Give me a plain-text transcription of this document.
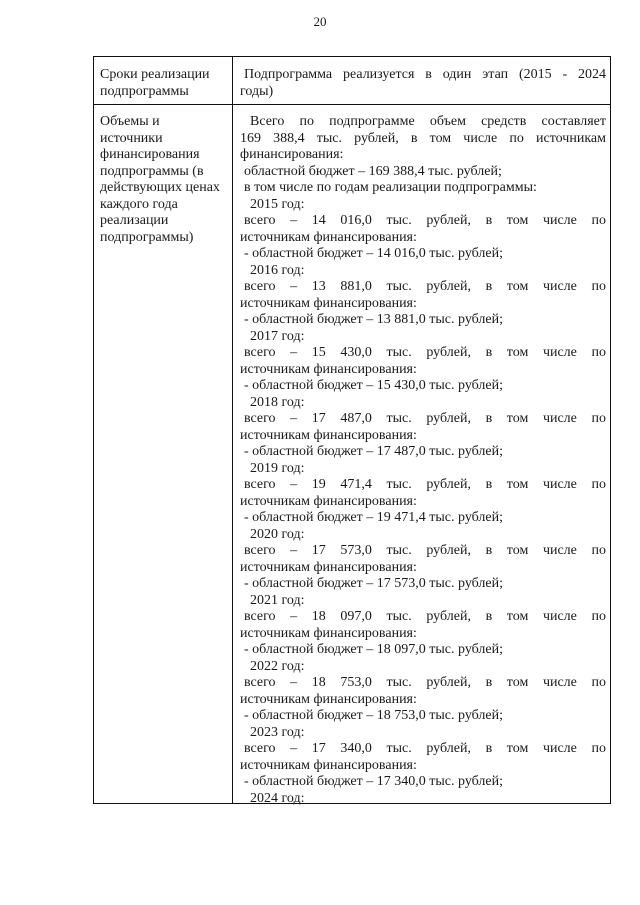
20
Сроки реализации
подпрограммы
Подпрограмма реализуется в один этап (2015 - 2024
годы)
Объемы и
источники
финансирования
подпрограммы (в
действующих ценах
каждого года
реализации
подпрограммы)
Всего по подпрограмме объем средств составляет
169 388,4 тыс. рублей, в том числе по источникам
финансирования:
областной бюджет – 169 388,4 тыс. рублей;
в том числе по годам реализации подпрограммы:
2015 год:
всего – 14 016,0 тыс. рублей, в том числе по
источникам финансирования:
- областной бюджет – 14 016,0 тыс. рублей;
2016 год:
всего – 13 881,0 тыс. рублей, в том числе по
источникам финансирования:
- областной бюджет – 13 881,0 тыс. рублей;
2017 год:
всего – 15 430,0 тыс. рублей, в том числе по
источникам финансирования:
- областной бюджет – 15 430,0 тыс. рублей;
2018 год:
всего – 17 487,0 тыс. рублей, в том числе по
источникам финансирования:
- областной бюджет – 17 487,0 тыс. рублей;
2019 год:
всего – 19 471,4 тыс. рублей, в том числе по
источникам финансирования:
- областной бюджет – 19 471,4 тыс. рублей;
2020 год:
всего – 17 573,0 тыс. рублей, в том числе по
источникам финансирования:
- областной бюджет – 17 573,0 тыс. рублей;
2021 год:
всего – 18 097,0 тыс. рублей, в том числе по
источникам финансирования:
- областной бюджет – 18 097,0 тыс. рублей;
2022 год:
всего – 18 753,0 тыс. рублей, в том числе по
источникам финансирования:
- областной бюджет – 18 753,0 тыс. рублей;
2023 год:
всего – 17 340,0 тыс. рублей, в том числе по
источникам финансирования:
- областной бюджет – 17 340,0 тыс. рублей;
2024 год:
